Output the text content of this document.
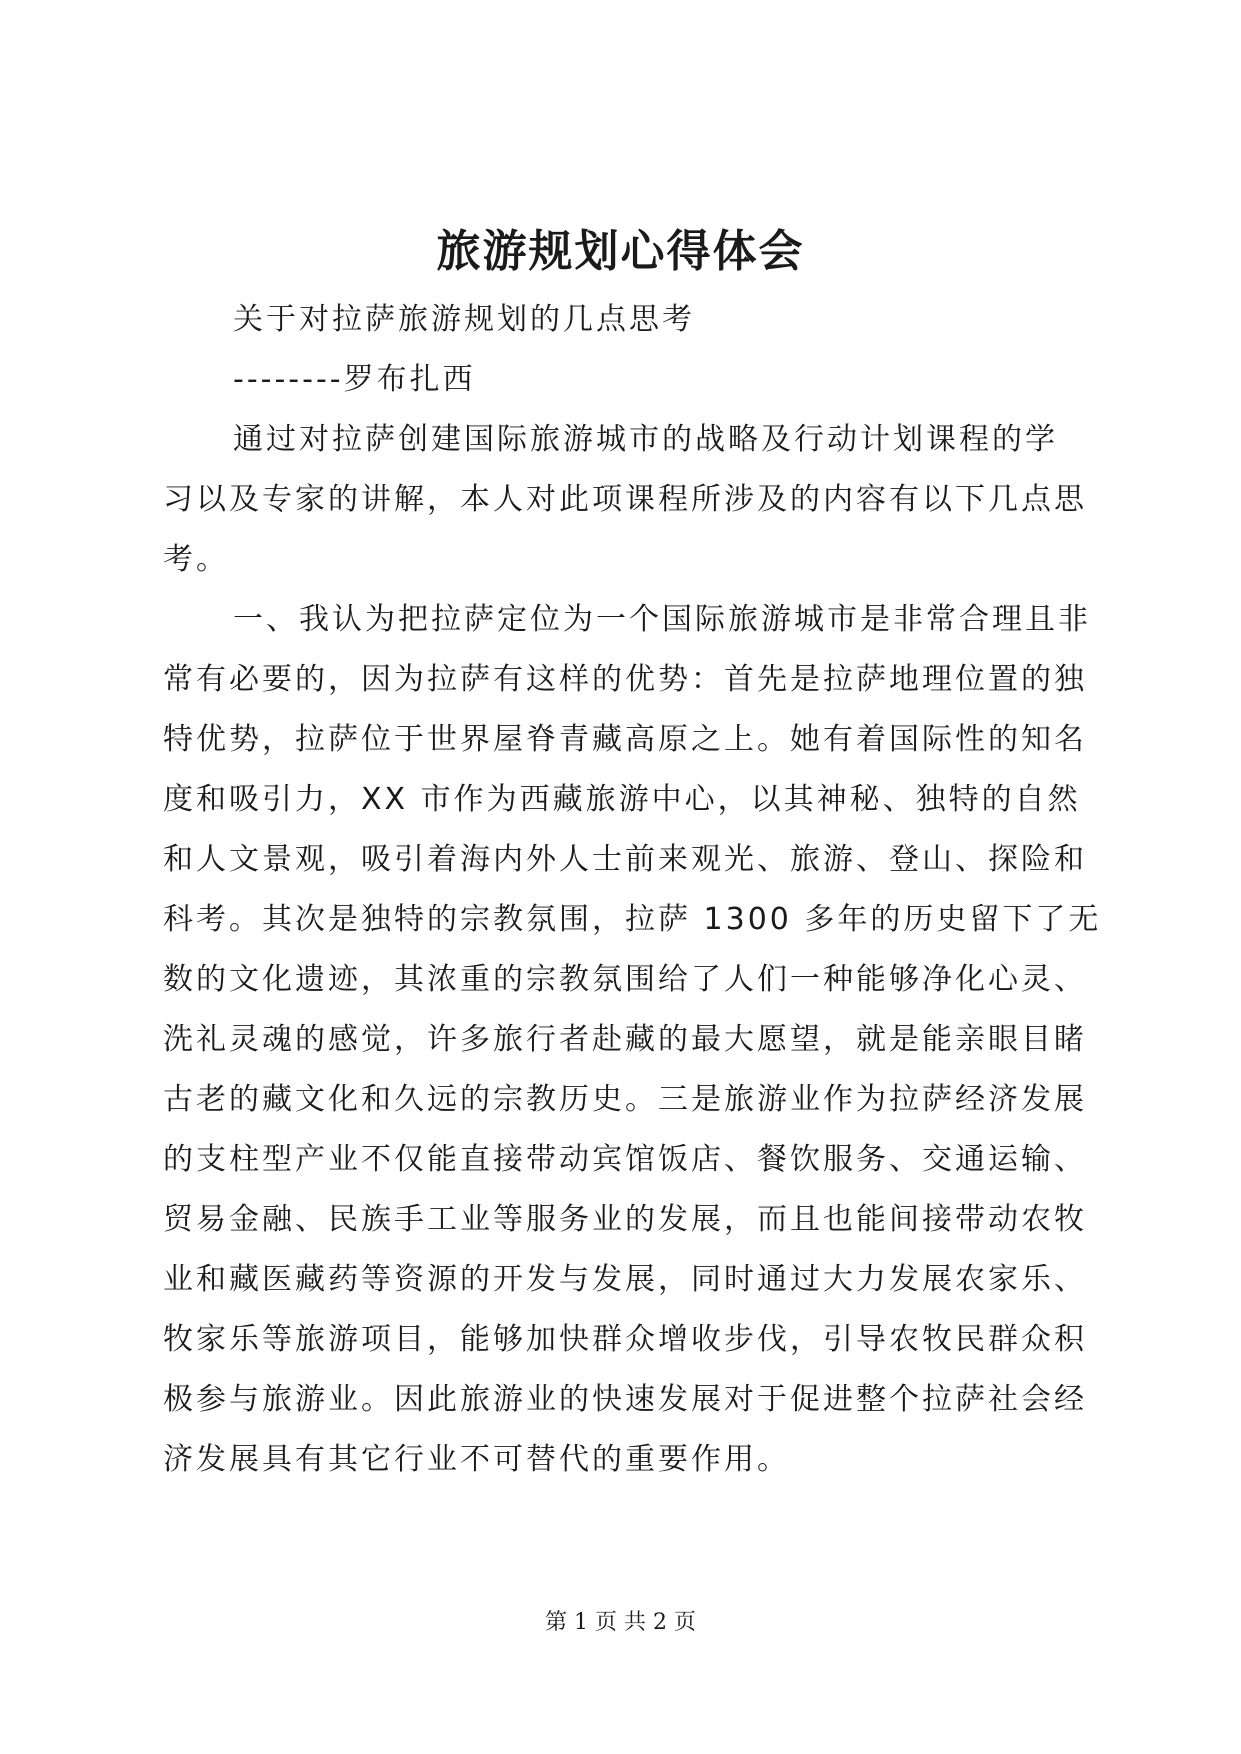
旅游规划心得体会
关于对拉萨旅游规划的几点思考
--------罗布扎西
通过对拉萨创建国际旅游城市的战略及行动计划课程的学
习以及专家的讲解，本人对此项课程所涉及的内容有以下几点思
考。
一、我认为把拉萨定位为一个国际旅游城市是非常合理且非
常有必要的，因为拉萨有这样的优势：首先是拉萨地理位置的独
特优势，拉萨位于世界屋脊青藏高原之上。她有着国际性的知名
度和吸引力，XX 市作为西藏旅游中心，以其神秘、独特的自然
和人文景观，吸引着海内外人士前来观光、旅游、登山、探险和
科考。其次是独特的宗教氛围，拉萨 1300 多年的历史留下了无
数的文化遗迹，其浓重的宗教氛围给了人们一种能够净化心灵、
洗礼灵魂的感觉，许多旅行者赴藏的最大愿望，就是能亲眼目睹
古老的藏文化和久远的宗教历史。三是旅游业作为拉萨经济发展
的支柱型产业不仅能直接带动宾馆饭店、餐饮服务、交通运输、
贸易金融、民族手工业等服务业的发展，而且也能间接带动农牧
业和藏医藏药等资源的开发与发展，同时通过大力发展农家乐、
牧家乐等旅游项目，能够加快群众增收步伐，引导农牧民群众积
极参与旅游业。因此旅游业的快速发展对于促进整个拉萨社会经
济发展具有其它行业不可替代的重要作用。
第 1 页 共 2 页
